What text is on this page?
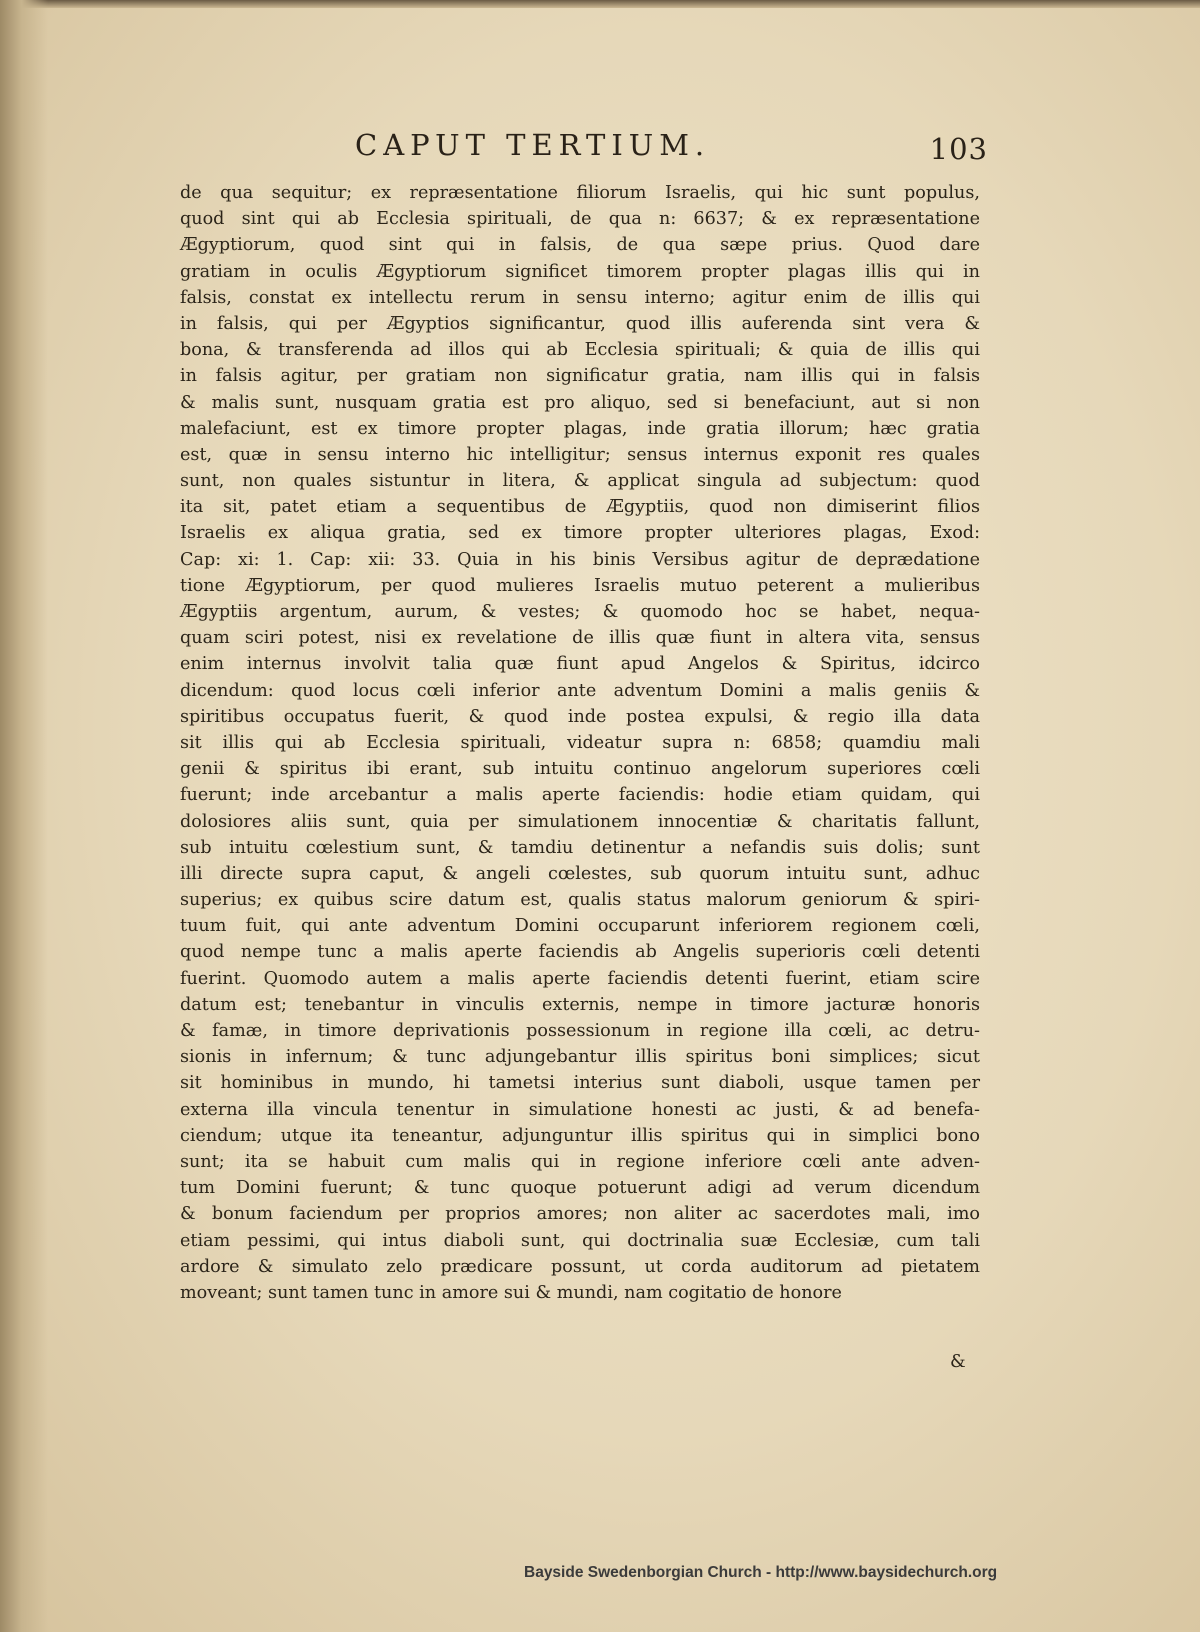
CAPUT TERTIUM.	103
de qua sequitur; ex repræsentatione filiorum Israelis, qui hic sunt populus,
quod sint qui ab Ecclesia spirituali, de qua n: 6637; & ex repræsentatione
Ægyptiorum, quod sint qui in falsis, de qua sæpe prius. Quod dare
gratiam in oculis Ægyptiorum significet timorem propter plagas illis qui in
falsis, constat ex intellectu rerum in sensu interno; agitur enim de illis qui
in falsis, qui per Ægyptios significantur, quod illis auferenda sint vera &
bona, & transferenda ad illos qui ab Ecclesia spirituali; & quia de illis qui
in falsis agitur, per gratiam non significatur gratia, nam illis qui in falsis
& malis sunt, nusquam gratia est pro aliquo, sed si benefaciunt, aut si non
malefaciunt, est ex timore propter plagas, inde gratia illorum; hæc gratia
est, quæ in sensu interno hic intelligitur; sensus internus exponit res quales
sunt, non quales sistuntur in litera, & applicat singula ad subjectum: quod
ita sit, patet etiam a sequentibus de Ægyptiis, quod non dimiserint filios
Israelis ex aliqua gratia, sed ex timore propter ulteriores plagas, Exod:
Cap: xi: 1. Cap: xii: 33. Quia in his binis Versibus agitur de deprædatione
tione Ægyptiorum, per quod mulieres Israelis mutuo peterent a mulieribus
Ægyptiis argentum, aurum, & vestes; & quomodo hoc se habet, nequa-
quam sciri potest, nisi ex revelatione de illis quæ fiunt in altera vita, sensus
enim internus involvit talia quæ fiunt apud Angelos & Spiritus, idcirco
dicendum: quod locus cœli inferior ante adventum Domini a malis geniis &
spiritibus occupatus fuerit, & quod inde postea expulsi, & regio illa data
sit illis qui ab Ecclesia spirituali, videatur supra n: 6858; quamdiu mali
genii & spiritus ibi erant, sub intuitu continuo angelorum superiores cœli
fuerunt; inde arcebantur a malis aperte faciendis: hodie etiam quidam, qui
dolosiores aliis sunt, quia per simulationem innocentiæ & charitatis fallunt,
sub intuitu cœlestium sunt, & tamdiu detinentur a nefandis suis dolis; sunt
illi directe supra caput, & angeli cœlestes, sub quorum intuitu sunt, adhuc
superius; ex quibus scire datum est, qualis status malorum geniorum & spiri-
tuum fuit, qui ante adventum Domini occuparunt inferiorem regionem cœli,
quod nempe tunc a malis aperte faciendis ab Angelis superioris cœli detenti
fuerint. Quomodo autem a malis aperte faciendis detenti fuerint, etiam scire
datum est; tenebantur in vinculis externis, nempe in timore jacturæ honoris
& famæ, in timore deprivationis possessionum in regione illa cœli, ac detru-
sionis in infernum; & tunc adjungebantur illis spiritus boni simplices; sicut
sit hominibus in mundo, hi tametsi interius sunt diaboli, usque tamen per
externa illa vincula tenentur in simulatione honesti ac justi, & ad benefa-
ciendum; utque ita teneantur, adjunguntur illis spiritus qui in simplici bono
sunt; ita se habuit cum malis qui in regione inferiore cœli ante adven-
tum Domini fuerunt; & tunc quoque potuerunt adigi ad verum dicendum
& bonum faciendum per proprios amores; non aliter ac sacerdotes mali, imo
etiam pessimi, qui intus diaboli sunt, qui doctrinalia suæ Ecclesiæ, cum tali
ardore & simulato zelo prædicare possunt, ut corda auditorum ad pietatem
moveant; sunt tamen tunc in amore sui & mundi, nam cogitatio de honore
&
Bayside Swedenborgian Church - http://www.baysidechurch.org
